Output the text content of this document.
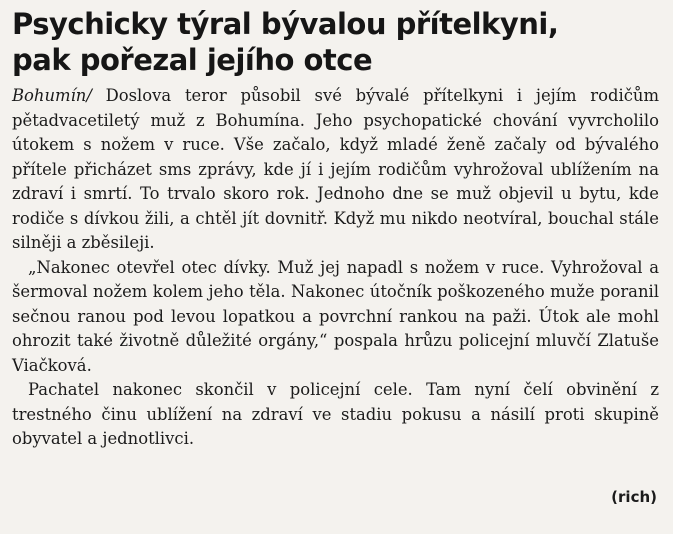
Psychicky týral bývalou přítelkyni,
pak pořezal jejího otce

Bohumín/ Doslova teror působil své bývalé přítelkyni i jejím rodičům pětadvacetiletý muž z Bohumína. Jeho psychopatické chování vyvrcholilo útokem s nožem v ruce. Vše začalo, když mladé ženě začaly od bývalého přítele přicházet sms zprávy, kde jí i jejím rodičům vyhrožoval ublížením na zdraví i smrtí. To trvalo skoro rok. Jednoho dne se muž objevil u bytu, kde rodiče s dívkou žili, a chtěl jít dovnitř. Když mu nikdo neotvíral, bouchal stále silněji a zběsileji.

„Nakonec otevřel otec dívky. Muž jej napadl s nožem v ruce. Vyhrožoval a šermoval nožem kolem jeho těla. Nakonec útočník poškozeného muže poranil sečnou ranou pod levou lopatkou a povrchní rankou na paži. Útok ale mohl ohrozit také životně důležité orgány,“ pospala hrůzu policejní mluvčí Zlatuše Viačková.

Pachatel nakonec skončil v policejní cele. Tam nyní čelí obvinění z trestného činu ublížení na zdraví ve stadiu pokusu a násilí proti skupině obyvatel a jednotlivci.

(rich)
